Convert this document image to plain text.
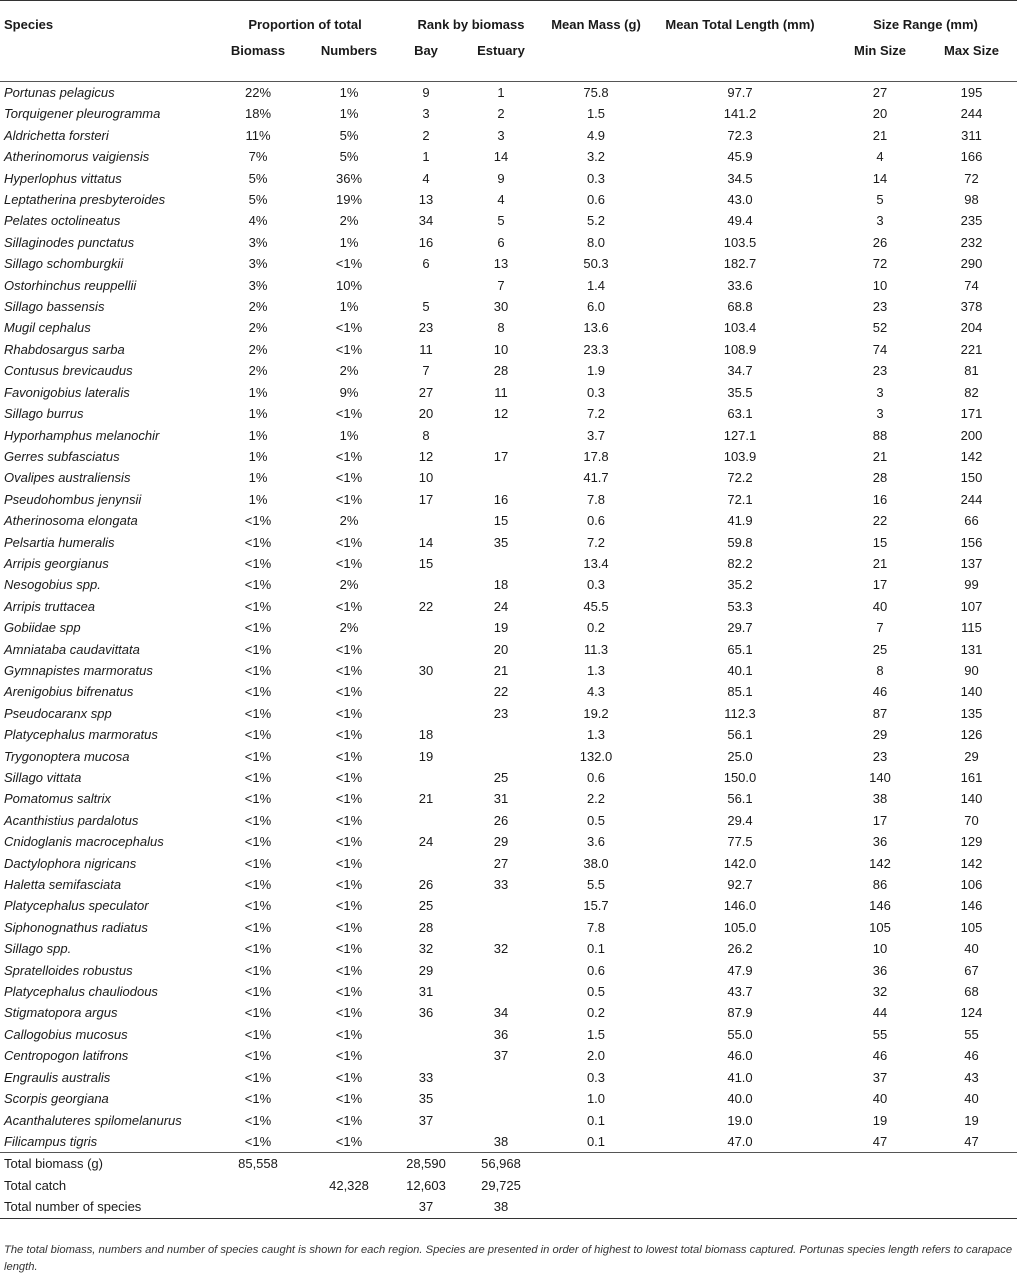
Species	Proportion of total		Rank by biomass		Mean Mass (g)	Mean Total Length (mm)	Size Range (mm)	
	Biomass	Numbers	Bay	Estuary			Min Size	Max Size

Portunas pelagicus	22%	1%	9	1	75.8	97.7	27	195
Torquigener pleurogramma	18%	1%	3	2	1.5	141.2	20	244
Aldrichetta forsteri	11%	5%	2	3	4.9	72.3	21	311
Atherinomorus vaigiensis	7%	5%	1	14	3.2	45.9	4	166
Hyperlophus vittatus	5%	36%	4	9	0.3	34.5	14	72
Leptatherina presbyteroides	5%	19%	13	4	0.6	43.0	5	98
Pelates octolineatus	4%	2%	34	5	5.2	49.4	3	235
Sillaginodes punctatus	3%	1%	16	6	8.0	103.5	26	232
Sillago schomburgkii	3%	<1%	6	13	50.3	182.7	72	290
Ostorhinchus reuppellii	3%	10%		7	1.4	33.6	10	74
Sillago bassensis	2%	1%	5	30	6.0	68.8	23	378
Mugil cephalus	2%	<1%	23	8	13.6	103.4	52	204
Rhabdosargus sarba	2%	<1%	11	10	23.3	108.9	74	221
Contusus brevicaudus	2%	2%	7	28	1.9	34.7	23	81
Favonigobius lateralis	1%	9%	27	11	0.3	35.5	3	82
Sillago burrus	1%	<1%	20	12	7.2	63.1	3	171
Hyporhamphus melanochir	1%	1%	8		3.7	127.1	88	200
Gerres subfasciatus	1%	<1%	12	17	17.8	103.9	21	142
Ovalipes australiensis	1%	<1%	10		41.7	72.2	28	150
Pseudohombus jenynsii	1%	<1%	17	16	7.8	72.1	16	244
Atherinosoma elongata	<1%	2%		15	0.6	41.9	22	66
Pelsartia humeralis	<1%	<1%	14	35	7.2	59.8	15	156
Arripis georgianus	<1%	<1%	15		13.4	82.2	21	137
Nesogobius spp.	<1%	2%		18	0.3	35.2	17	99
Arripis truttacea	<1%	<1%	22	24	45.5	53.3	40	107
Gobiidae spp	<1%	2%		19	0.2	29.7	7	115
Amniataba caudavittata	<1%	<1%		20	11.3	65.1	25	131
Gymnapistes marmoratus	<1%	<1%	30	21	1.3	40.1	8	90
Arenigobius bifrenatus	<1%	<1%		22	4.3	85.1	46	140
Pseudocaranx spp	<1%	<1%		23	19.2	112.3	87	135
Platycephalus marmoratus	<1%	<1%	18		1.3	56.1	29	126
Trygonoptera mucosa	<1%	<1%	19		132.0	25.0	23	29
Sillago vittata	<1%	<1%		25	0.6	150.0	140	161
Pomatomus saltrix	<1%	<1%	21	31	2.2	56.1	38	140
Acanthistius pardalotus	<1%	<1%		26	0.5	29.4	17	70
Cnidoglanis macrocephalus	<1%	<1%	24	29	3.6	77.5	36	129
Dactylophora nigricans	<1%	<1%		27	38.0	142.0	142	142
Haletta semifasciata	<1%	<1%	26	33	5.5	92.7	86	106
Platycephalus speculator	<1%	<1%	25		15.7	146.0	146	146
Siphonognathus radiatus	<1%	<1%	28		7.8	105.0	105	105
Sillago spp.	<1%	<1%	32	32	0.1	26.2	10	40
Spratelloides robustus	<1%	<1%	29		0.6	47.9	36	67
Platycephalus chauliodous	<1%	<1%	31		0.5	43.7	32	68
Stigmatopora argus	<1%	<1%	36	34	0.2	87.9	44	124
Callogobius mucosus	<1%	<1%		36	1.5	55.0	55	55
Centropogon latifrons	<1%	<1%		37	2.0	46.0	46	46
Engraulis australis	<1%	<1%	33		0.3	41.0	37	43
Scorpis georgiana	<1%	<1%	35		1.0	40.0	40	40
Acanthaluteres spilomelanurus	<1%	<1%	37		0.1	19.0	19	19
Filicampus tigris	<1%	<1%		38	0.1	47.0	47	47
Total biomass (g)	85,558		28,590	56,968				
Total catch		42,328	12,603	29,725				
Total number of species			37	38				
The total biomass, numbers and number of species caught is shown for each region. Species are presented in order of highest to lowest total biomass captured. Portunas species length refers to carapace length.
